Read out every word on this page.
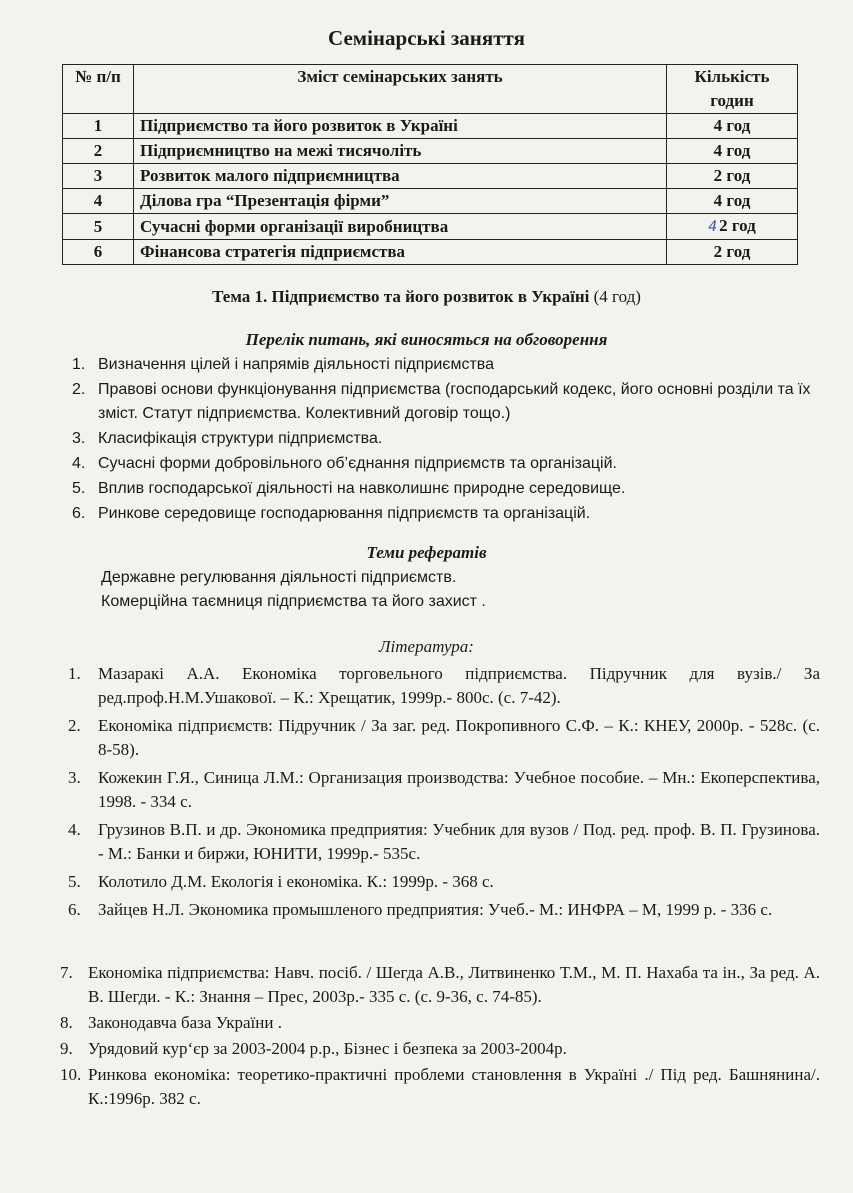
Семінарські заняття
№ п/п	Зміст семінарських занять	Кількість годин
1	Підприємство та його розвиток в Україні	4 год
2	Підприємництво на межі тисячоліть	4 год
3	Розвиток малого підприємництва	2 год
4	Ділова гра “Презентація фірми”	4 год
5	Сучасні форми організації виробництва	4 2 год
6	Фінансова стратегія підприємства	2 год
Тема 1. Підприємство та його розвиток в Україні (4 год)
Перелік питань, які виносяться на обговорення
1. Визначення цілей і напрямів діяльності підприємства
2. Правові основи функціонування підприємства (господарський кодекс, його основні розділи та їх зміст. Статут підприємства. Колективний договір тощо.)
3. Класифікація структури підприємства.
4. Сучасні форми добровільного об’єднання підприємств та організацій.
5. Вплив господарської діяльності на навколишнє природне середовище.
6. Ринкове середовище господарювання підприємств та організацій.
Теми рефератів
Державне регулювання діяльності підприємств.
Комерційна таємниця підприємства та його захист .
Література:
1. Мазаракі А.А. Економіка торговельного підприємства. Підручник для вузів./ За ред.проф.Н.М.Ушакової. – К.: Хрещатик, 1999р.- 800с. (с. 7-42).
2. Економіка підприємств: Підручник / За заг. ред. Покропивного С.Ф. – К.: КНЕУ, 2000р. - 528с. (с. 8-58).
3. Кожекин Г.Я., Синица Л.М.: Организация производства: Учебное пособие. – Мн.: Екоперспектива, 1998. - 334 с.
4. Грузинов В.П. и др. Экономика предприятия: Учебник для вузов / Под. ред. проф. В. П. Грузинова. - М.: Банки и биржи, ЮНИТИ, 1999р.- 535с.
5. Колотило Д.М. Екологія і економіка. К.: 1999р. - 368 с.
6. Зайцев Н.Л. Экономика промышленого предприятия: Учеб.- М.: ИНФРА – М, 1999 р. - 336 с.
7. Економіка підприємства: Навч. посіб. / Шегда А.В., Литвиненко Т.М., М. П. Нахаба та ін., За ред. А. В. Шегди. - К.: Знання – Прес, 2003р.- 335 с. (с. 9-36, с. 74-85).
8. Законодавча база України .
9. Урядовий кур‘єр за 2003-2004 р.р., Бізнес і безпека за 2003-2004р.
10. Ринкова економіка: теоретико-практичні проблеми становлення в Україні ./ Під ред. Башнянина/. К.:1996р. 382 с.
